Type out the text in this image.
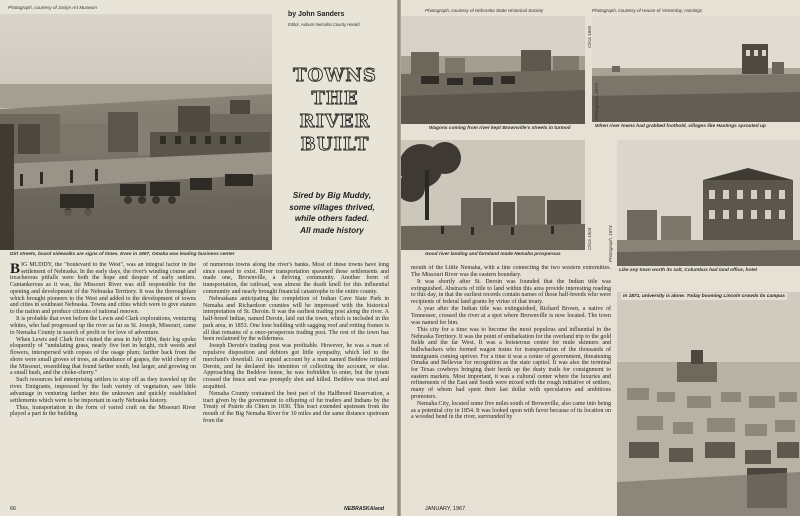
Photograph, courtesy of Joslyn Art Museum
by John Sanders
Editor, Auburn-Nemaha County Herald
TOWNS
THE
RIVER
BUILT
Sired by Big Muddy,
some villages thrived,
while others faded.
All made history
Dirt streets, board sidewalks are signs of times. Even in 1867, Omaha was leading business center

BIG MUDDY, the "boulevard to the West", was an integral factor in the settlement of Nebraska. In the early days, the river's winding course and treacherous pitfalls were both the hope and despair of early settlers. Cantankerous as it was, the Missouri River was still responsible for the opening and development of the Nebraska Territory. It was the thoroughfare which brought pioneers to the West and added to the development of towns and cities in southeast Nebraska. Towns and cities which were to give stature to the nation and produce citizens of national renown.

It is probable that even before the Lewis and Clark explorations, venturing whites, who had progressed up the river as far as St. Joseph, Missouri, came to Nemaha County in search of profit or for love of adventure.

When Lewis and Clark first visited the area in July 1804, their log spoke eloquently of "undulating grass, nearly five feet in height, rich weeds and flowers, interspersed with copses of the osage plum; farther back from the shore were small groves of trees, an abundance of grapes, the wild cherry of the Missouri, resembling that found farther south, but larger, and growing on a small bush, and the choke-cherry."

Such resources led enterprising settlers to stop off as they traveled up the river. Emigrants, impressed by the lush variety of vegetation, saw little advantage in venturing farther into the unknown and quickly established settlements which were to be important in early Nebraska history.

Thus, transportation in the form of varied craft on the Missouri River played a part in the building

of numerous towns along the river's banks. Most of these towns have long since ceased to exist. River transportation spawned these settlements and made one, Brownville, a thriving community. Another form of transportation, the railroad, was almost the death knell for this influential community and nearly brought financial catastrophe to the entire county.

Nebraskans anticipating the completion of Indian Cave State Park in Nemaha and Richardson counties will be impressed with the historical interpretation of St. Deroin. It was the earliest trading post along the river. A half-breed Indian, named Deroin, laid out the town, which is included in the park area, in 1853. One lone building with sagging roof and rotting frames is all that remains of a once-prosperous trading post. The rest of the town has been reclaimed by the wilderness.

Joseph Deroin's trading post was profitable. However, he was a man of repulsive disposition and debtors got little sympathy, which led to the merchant's downfall. An unpaid account by a man named Beddow irritated Deroin, and he declared his intention of collecting the account, or else. Approaching the Beddow home, he was forbidden to enter, but the tyrant crossed the fence and was promptly shot and killed. Beddow was tried and acquitted.

Nemaha County contained the best part of the Halfbreed Reservation, a tract given by the government to offspring of fur traders and Indians by the Treaty of Prairie du Chien in 1830. This tract extended upstream from the mouth of the Big Nemaha River for 10 miles and the same distance upstream from the

66	NEBRASKAland
Photograph, courtesy of Nebraska State Historical Society	Photograph, courtesy of House of Yesterday, Hastings
Circa 1860
Wagons coming from river kept Brownville's streets in turmoil
Photograph, 1874
When river towns had grabbed foothold, villages like Hastings sprouted up
Circa 1904
Good river landing and farmland made Nemaha prosperous	Photograph, 1874
Like any town worth its salt, Columbus had land office, hotel
In 1871, university is alone. Today booming Lincoln crowds its campus

mouth of the Little Nemaha, with a line connecting the two western extremities. The Missouri River was the eastern boundary.

It was shortly after St. Deroin was founded that the Indian title was extinguished. Abstracts of title to land within this area provide interesting reading to this day, in that the earliest records contain names of those half-breeds who were recipients of federal land grants by virtue of that treaty.

A year after the Indian title was extinguished, Richard Brown, a native of Tennessee, crossed the river at a spot where Brownville is now located. The town was named for him.

This city for a time was to become the most populous and influential in the Nebraska Territory. It was the point of embarkation for the overland trip to the gold fields and the far West. It was a boisterous center for mule skinners and bullwhackers who formed wagon trains for transportation of the thousands of immigrants coming upriver. For a time it was a center of government, threatening Omaha and Bellevue for recognition as the state capitol. It was also the terminal for Texas cowboys bringing their herds up the dusty trails for consignment to eastern markets. Most important, it was a cultural center where the luxuries and refinements of the East and South were mixed with the rough initiative of settlers, many of whom had spent their last dollar with speculators and ambitious promoters.

Nemaha City, located some five miles south of Brownville, also came into being as a potential city in 1854. It was looked upon with favor because of its location on a wooded bend in the river, surrounded by

JANUARY, 1967
